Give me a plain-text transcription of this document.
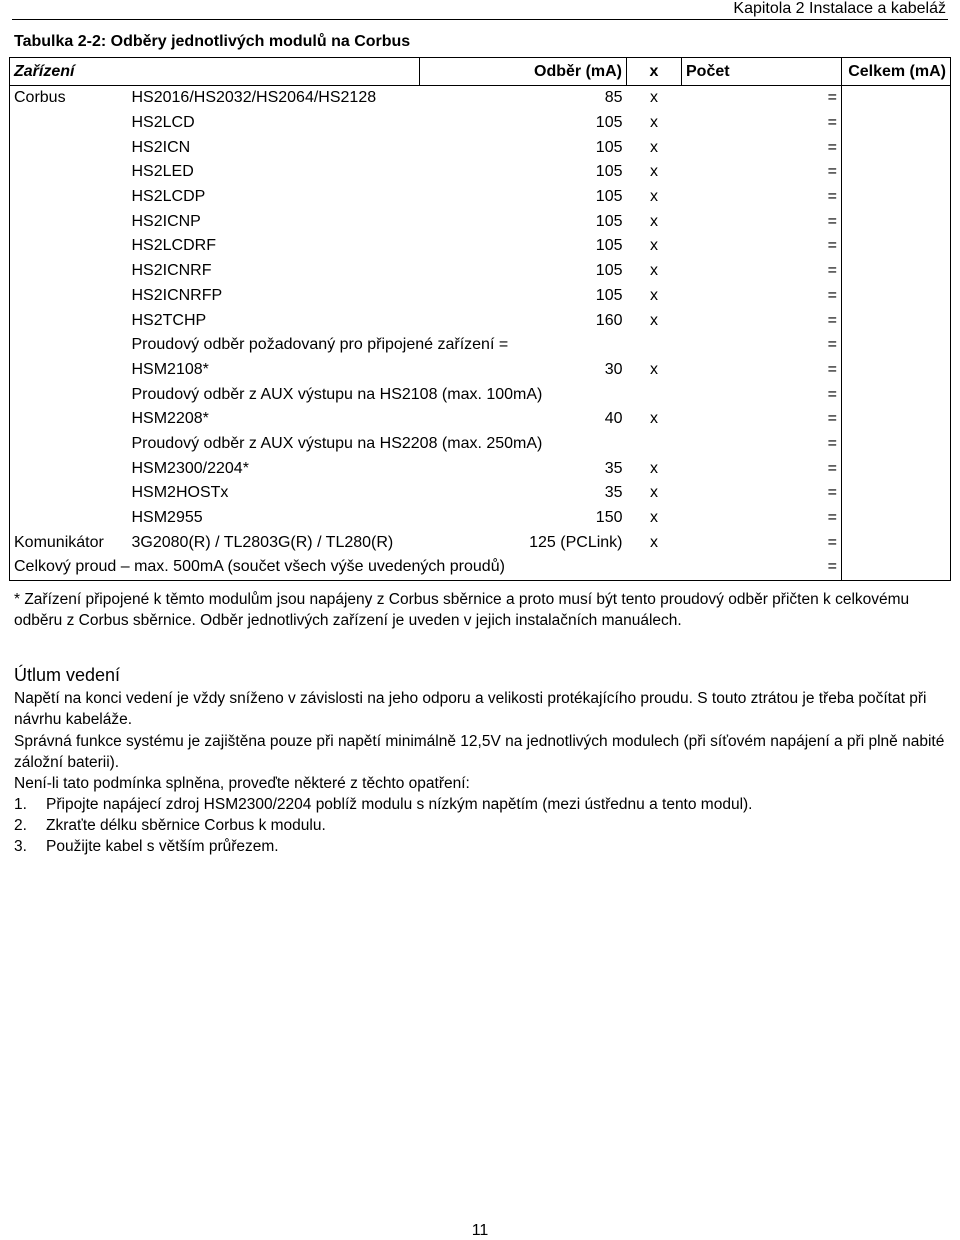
Kapitola 2 Instalace a kabeláž
Tabulka 2-2: Odběry jednotlivých modulů na Corbus
Zařízení		Odběr (mA)	x	Počet	Celkem (mA)
Corbus	HS2016/HS2032/HS2064/HS2128	85	x	=	
	HS2LCD	105	x	=	
	HS2ICN	105	x	=	
	HS2LED	105	x	=	
	HS2LCDP	105	x	=	
	HS2ICNP	105	x	=	
	HS2LCDRF	105	x	=	
	HS2ICNRF	105	x	=	
	HS2ICNRFP	105	x	=	
	HS2TCHP	160	x	=	
	Proudový odběr požadovaný pro připojené zařízení =			=	
	HSM2108*	30	x	=	
	Proudový odběr z AUX výstupu na HS2108 (max. 100mA)			=	
	HSM2208*	40	x	=	
	Proudový odběr z AUX výstupu na HS2208 (max. 250mA)			=	
	HSM2300/2204*	35	x	=	
	HSM2HOSTx	35	x	=	
	HSM2955	150	x	=	
Komunikátor	3G2080(R) / TL2803G(R) / TL280(R)	125 (PCLink)	x	=	
Celkový proud – max. 500mA (součet všech výše uvedených proudů)				=	
* Zařízení připojené k těmto modulům jsou napájeny z Corbus sběrnice a proto musí být tento proudový odběr přičten k celkovému odběru z Corbus sběrnice. Odběr jednotlivých zařízení je uveden v jejich instalačních manuálech.
Útlum vedení
Napětí na konci vedení je vždy sníženo v závislosti na jeho odporu a velikosti protékajícího proudu. S touto ztrátou je třeba počítat při návrhu kabeláže.
Správná funkce systému je zajištěna pouze při napětí minimálně 12,5V na jednotlivých modulech (při síťovém napájení a při plně nabité záložní baterii).
Není-li tato podmínka splněna, proveďte některé z těchto opatření:
1. Připojte napájecí zdroj HSM2300/2204 poblíž modulu s nízkým napětím (mezi ústřednu a tento modul).
2. Zkraťte délku sběrnice Corbus k modulu.
3. Použijte kabel s větším průřezem.
11
